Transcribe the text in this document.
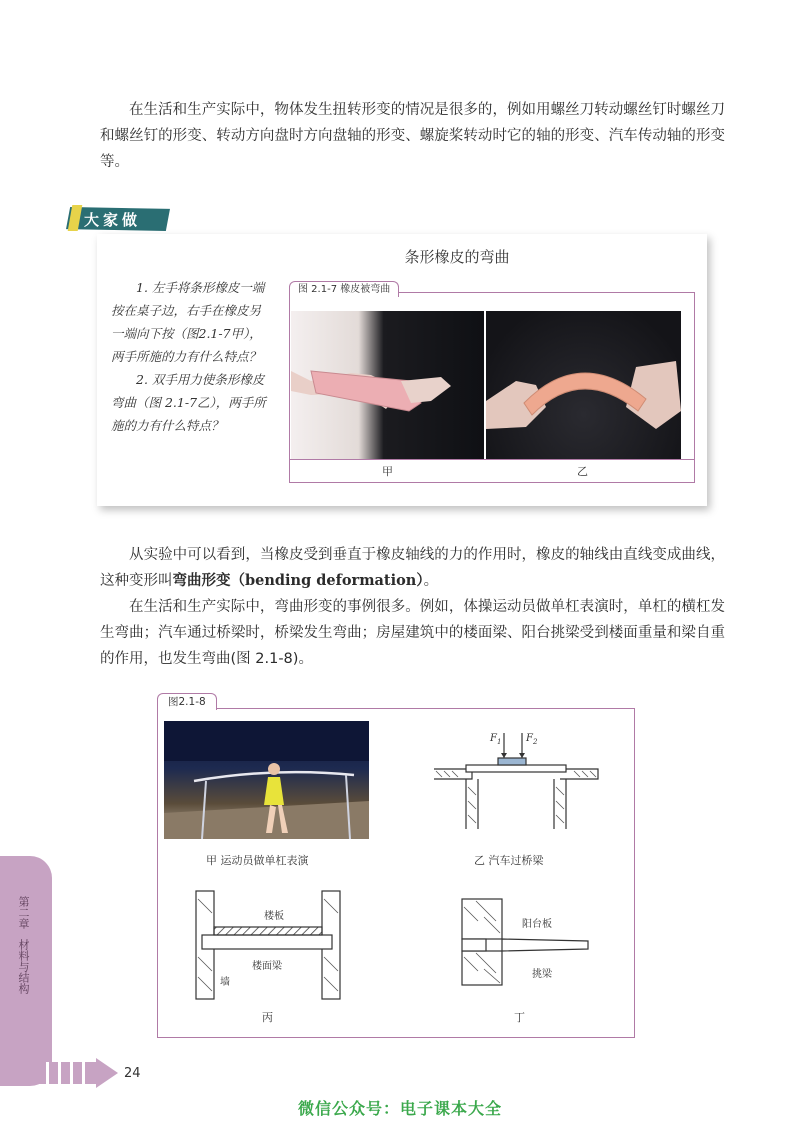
在生活和生产实际中，物体发生扭转形变的情况是很多的，例如用螺丝刀转动螺丝钉时螺丝刀和螺丝钉的形变、转动方向盘时方向盘轴的形变、螺旋桨转动时它的轴的形变、汽车传动轴的形变等。
大家做
条形橡皮的弯曲

1. 左手将条形橡皮一端按在桌子边，右手在橡皮另一端向下按（图2.1-7甲），两手所施的力有什么特点？

2. 双手用力使条形橡皮弯曲（图 2.1-7乙），两手所施的力有什么特点？

图 2.1-7 橡皮被弯曲
甲	乙
从实验中可以看到，当橡皮受到垂直于橡皮轴线的力的作用时，橡皮的轴线由直线变成曲线，这种变形叫弯曲形变（bending deformation）。
在生活和生产实际中，弯曲形变的事例很多。例如，体操运动员做单杠表演时，单杠的横杠发生弯曲；汽车通过桥梁时，桥梁发生弯曲；房屋建筑中的楼面梁、阳台挑梁受到楼面重量和梁自重的作用，也发生弯曲(图 2.1-8)。
图2.1-8
甲 运动员做单杠表演
$F_1$ $F_2$
乙 汽车过桥梁
楼板
墙
楼面梁
丙
阳台板
挑梁
丁
第二章
材料与结构
24
微信公众号：电子课本大全
